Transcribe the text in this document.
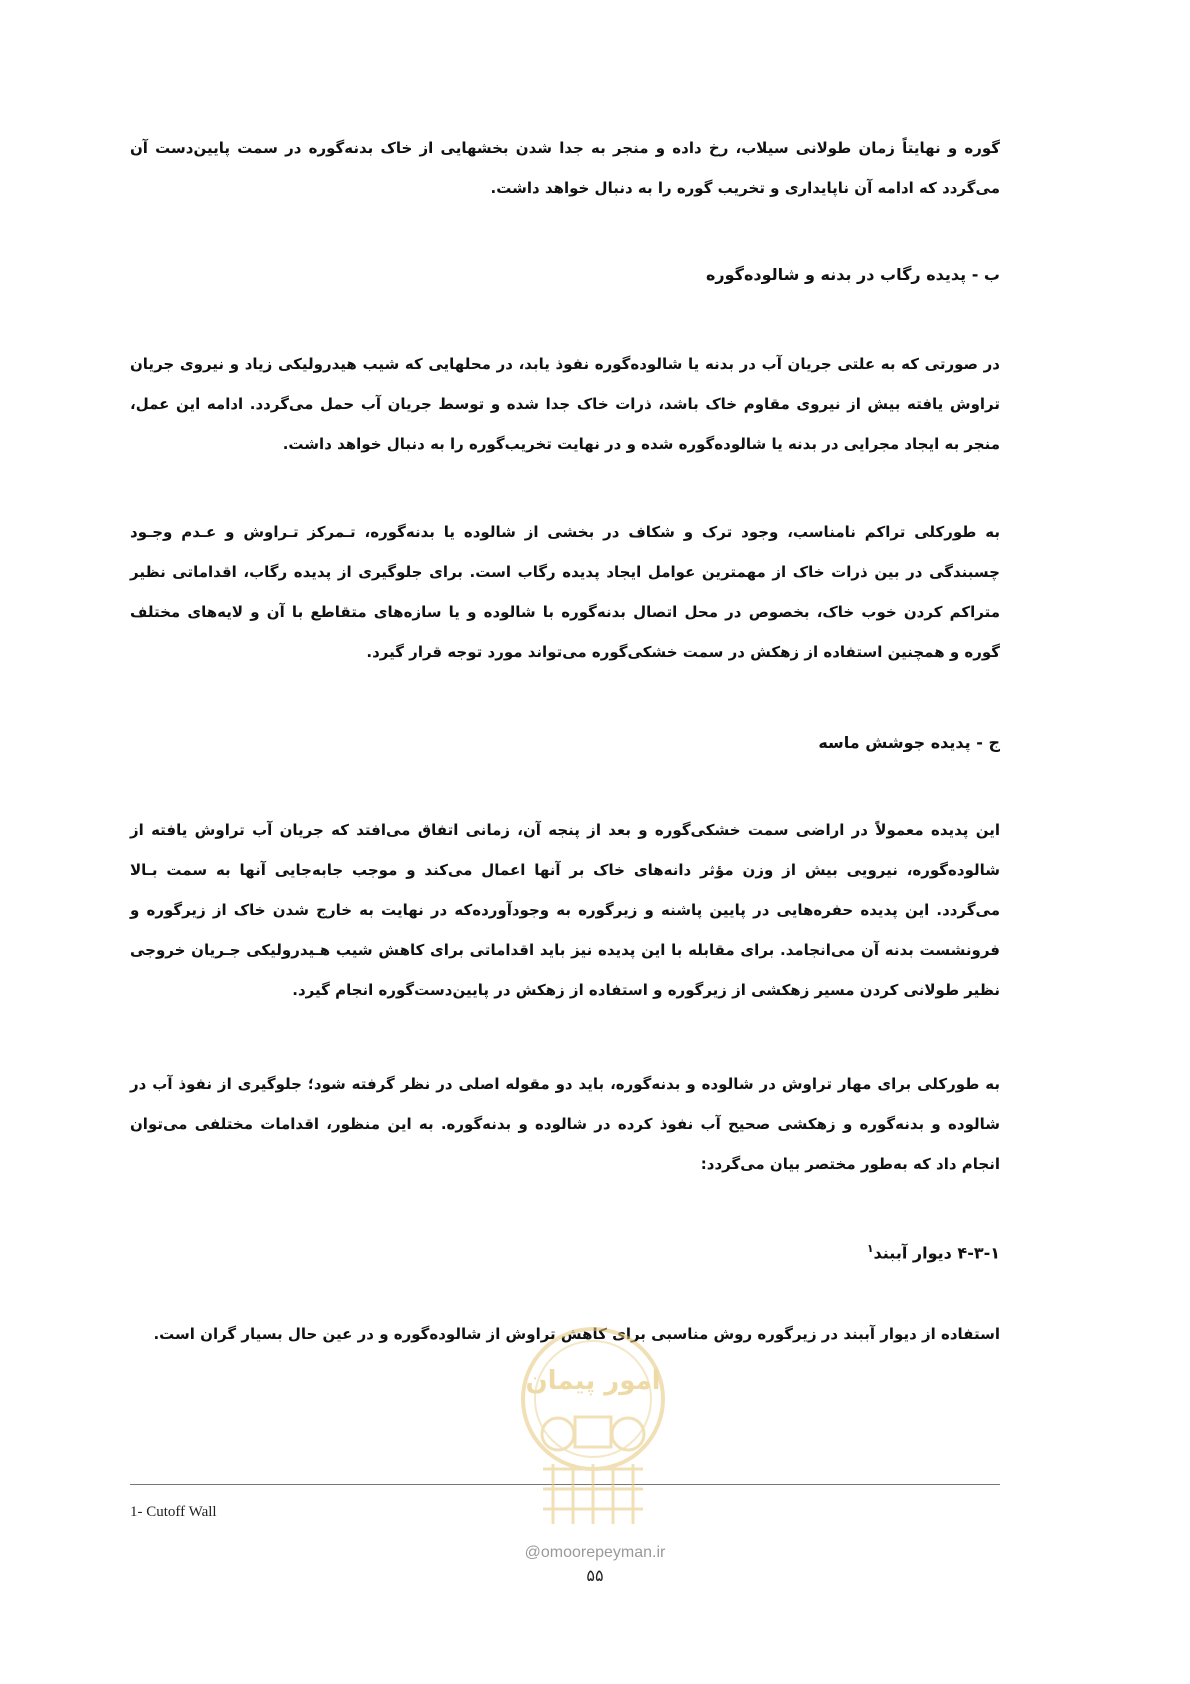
گوره و نهایتاً زمان طولانی سیلاب، رخ داده و منجر به جدا شدن بخشهایی از خاک بدنه‌گوره در سمت پایین‌دست آن می‌گردد که ادامه آن ناپایداری و تخریب گوره را به دنبال خواهد داشت.

ب - پدیده رگاب در بدنه و شالوده‌گوره

در صورتی که به علتی جریان آب در بدنه یا شالوده‌گوره نفوذ یابد، در محلهایی که شیب هیدرولیکی زیاد و نیروی جریان تراوش یافته بیش از نیروی مقاوم خاک باشد، ذرات خاک جدا شده و توسط جریان آب حمل می‌گردد. ادامه این عمل، منجر به ایجاد مجرایی در بدنه یا شالوده‌گوره شده و در نهایت تخریب‌گوره را به دنبال خواهد داشت.

به طورکلی تراکم نامناسب، وجود ترک و شکاف در بخشی از شالوده یا بدنه‌گوره، تـمرکز تـراوش و عـدم وجـود چسبندگی در بین ذرات خاک از مهمترین عوامل ایجاد پدیده رگاب است. برای جلوگیری از پدیده رگاب، اقداماتی نظیر متراکم کردن خوب خاک، بخصوص در محل اتصال بدنه‌گوره با شالوده و یا سازه‌های متقاطع با آن و لایه‌های مختلف گوره و همچنین استفاده از زهکش در سمت خشکی‌گوره می‌تواند مورد توجه قرار گیرد.

ج - پدیده جوشش ماسه

این پدیده معمولاً در اراضی سمت خشکی‌گوره و بعد از پنجه آن، زمانی اتفاق می‌افتد که جریان آب تراوش یافته از شالوده‌گوره، نیرویی بیش از وزن مؤثر دانه‌های خاک بر آنها اعمال می‌کند و موجب جابه‌جایی آنها به سمت بـالا می‌گردد. این پدیده حفره‌هایی در پایین پاشنه و زیرگوره به وجودآورده‌که در نهایت به خارج شدن خاک از زیرگوره و فرونشست بدنه آن می‌انجامد. برای مقابله با این پدیده نیز باید اقداماتی برای کاهش شیب هـیدرولیکی جـریان خروجی نظیر طولانی کردن مسیر زهکشی از زیرگوره و استفاده از زهکش در پایین‌دست‌گوره انجام گیرد.

به طورکلی برای مهار تراوش در شالوده و بدنه‌گوره، باید دو مقوله اصلی در نظر گرفته شود؛ جلوگیری از نفوذ آب در شالوده و بدنه‌گوره و زهکشی صحیح آب نفوذ کرده در شالوده و بدنه‌گوره. به این منظور، اقدامات مختلفی می‌توان انجام داد که به‌طور مختصر بیان می‌گردد:

۴-۳-۱ دیوار آببند$^۱$

استفاده از دیوار آببند در زیرگوره روش مناسبی برای کاهش تراوش از شالوده‌گوره و در عین حال بسیار گران است.

1- Cutoff Wall
امور پیمان
@omoorepeyman.ir
۵۵
